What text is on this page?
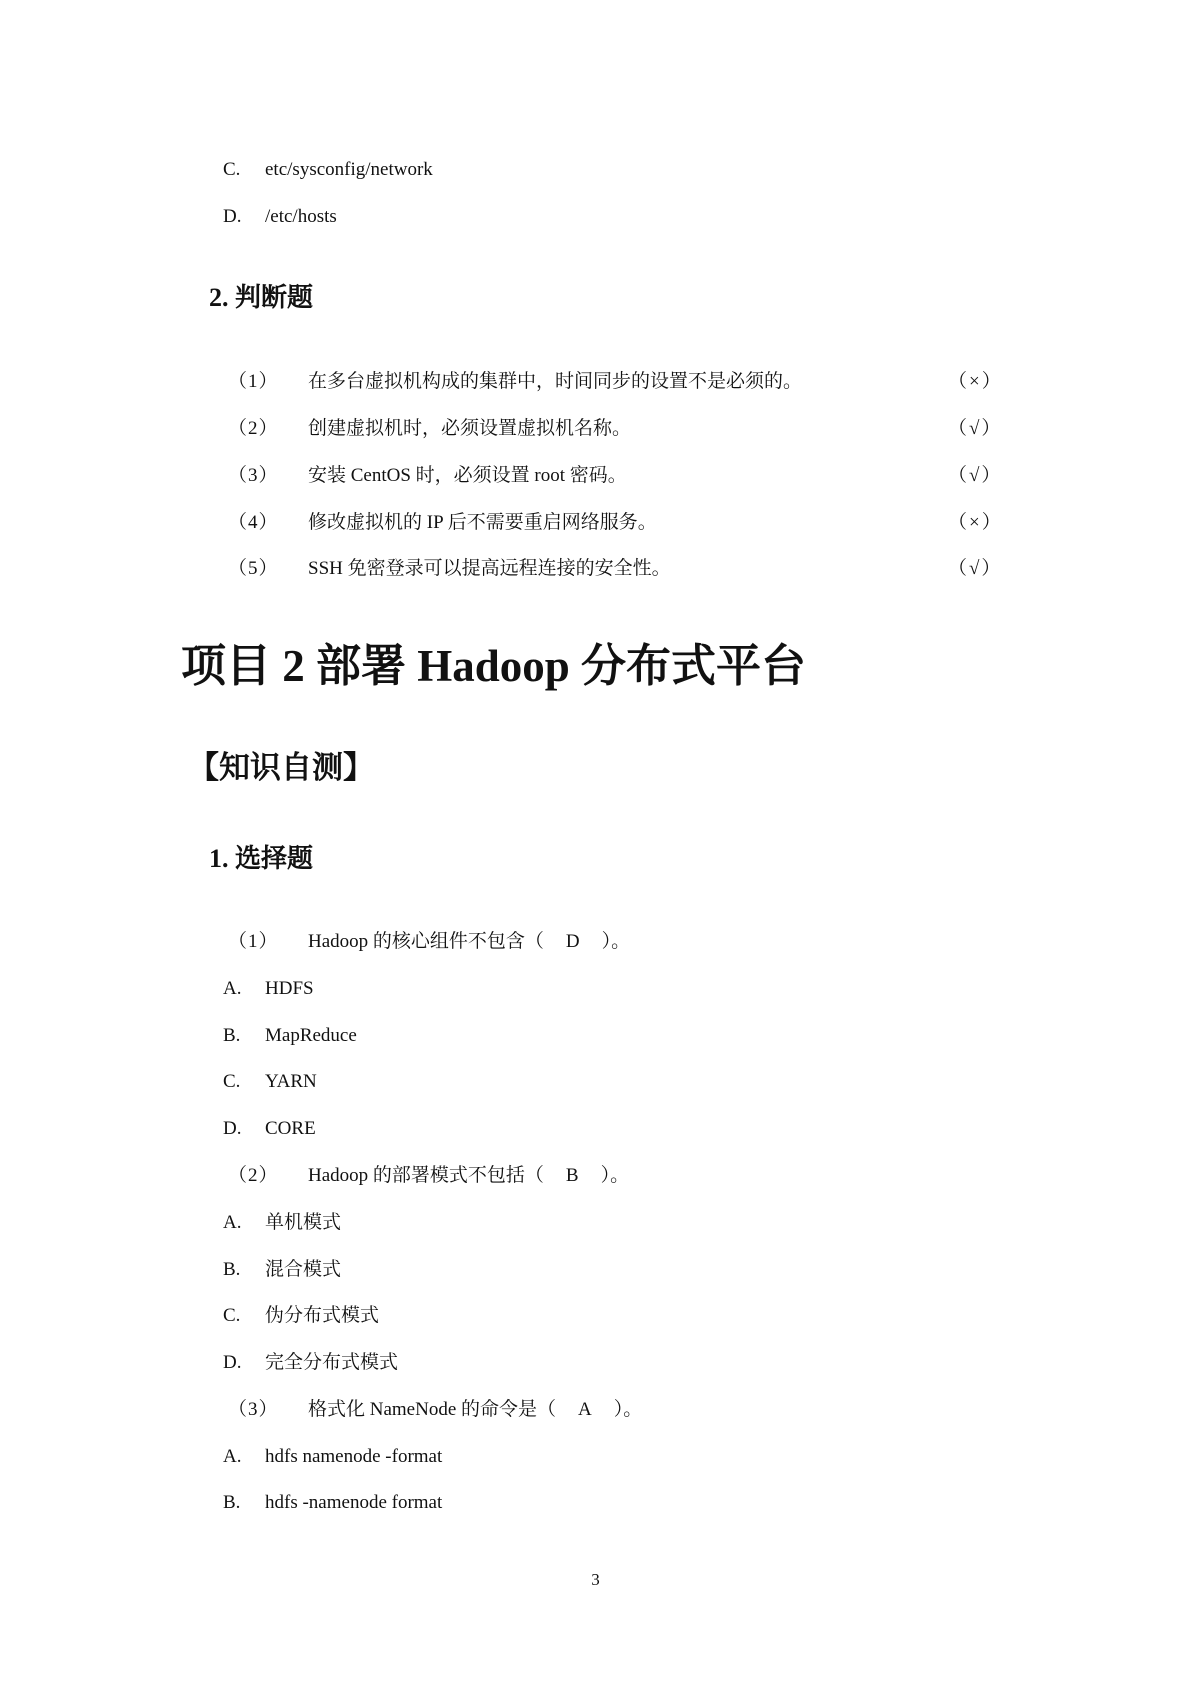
C. etc/sysconfig/network
D. /etc/hosts
2. 判断题
（1） 在多台虚拟机构成的集群中，时间同步的设置不是必须的。	（×）
（2） 创建虚拟机时，必须设置虚拟机名称。	（√）
（3） 安装 CentOS 时，必须设置 root 密码。	（√）
（4） 修改虚拟机的 IP 后不需要重启网络服务。	（×）
（5） SSH 免密登录可以提高远程连接的安全性。	（√）
项目 2 部署 Hadoop 分布式平台
【知识自测】
1. 选择题
（1） Hadoop 的核心组件不包含（ D ）。
A. HDFS
B. MapReduce
C. YARN
D. CORE
（2） Hadoop 的部署模式不包括（ B ）。
A. 单机模式
B. 混合模式
C. 伪分布式模式
D. 完全分布式模式
（3） 格式化 NameNode 的命令是（ A ）。
A. hdfs namenode -format
B. hdfs -namenode format
3
